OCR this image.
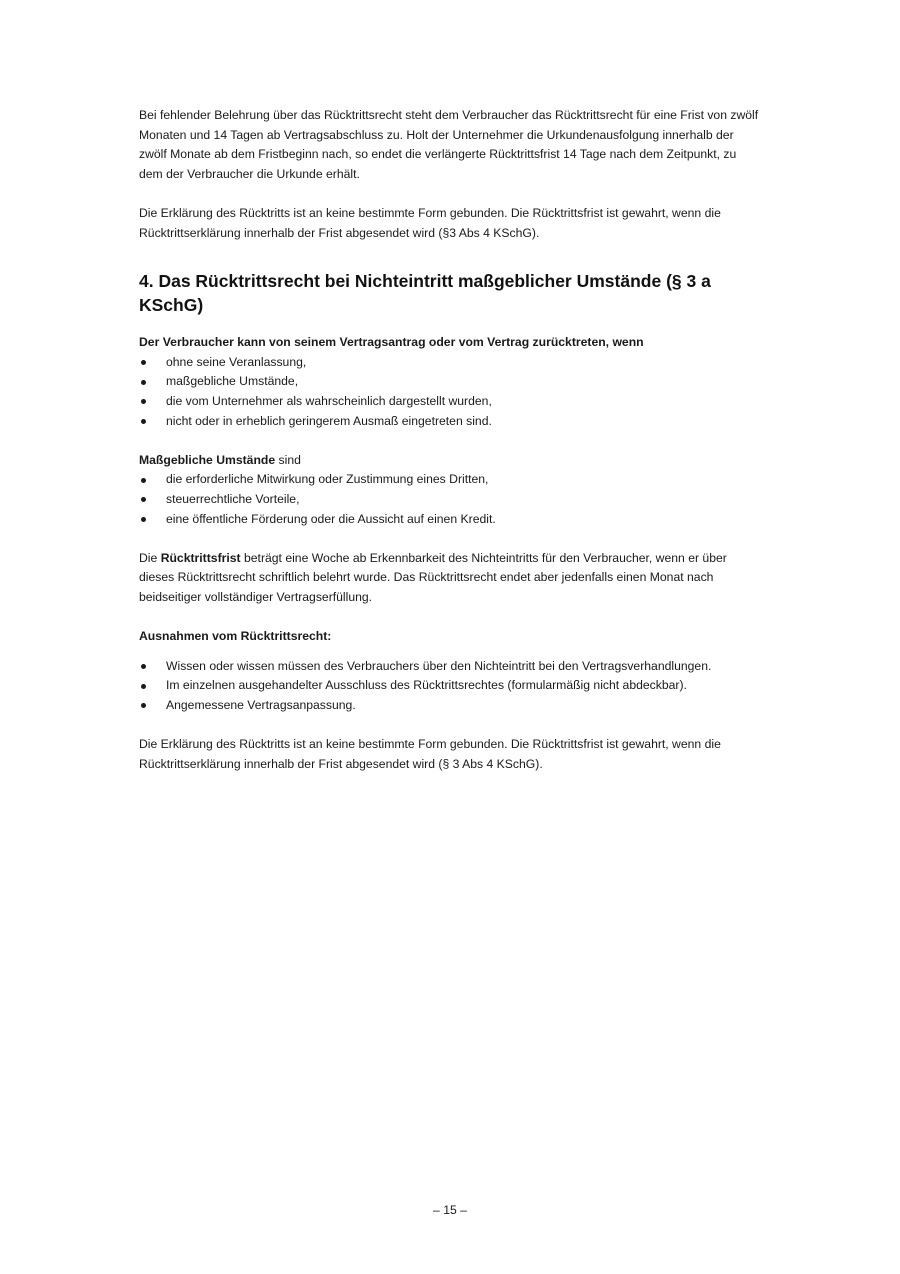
Bei fehlender Belehrung über das Rücktrittsrecht steht dem Verbraucher das Rücktrittsrecht für eine Frist von zwölf Monaten und 14 Tagen ab Vertragsabschluss zu. Holt der Unternehmer die Urkundenausfolgung innerhalb der zwölf Monate ab dem Fristbeginn nach, so endet die verlängerte Rücktrittsfrist 14 Tage nach dem Zeitpunkt, zu dem der Verbraucher die Urkunde erhält.

Die Erklärung des Rücktritts ist an keine bestimmte Form gebunden. Die Rücktrittsfrist ist gewahrt, wenn die Rücktrittserklärung innerhalb der Frist abgesendet wird (§3 Abs 4 KSchG).

4. Das Rücktrittsrecht bei Nichteintritt maßgeblicher Umstände (§ 3 a KSchG)

Der Verbraucher kann von seinem Vertragsantrag oder vom Vertrag zurücktreten, wenn

ohne seine Veranlassung,
maßgebliche Umstände,
die vom Unternehmer als wahrscheinlich dargestellt wurden,
nicht oder in erheblich geringerem Ausmaß eingetreten sind.

Maßgebliche Umstände sind

die erforderliche Mitwirkung oder Zustimmung eines Dritten,
steuerrechtliche Vorteile,
eine öffentliche Förderung oder die Aussicht auf einen Kredit.

Die Rücktrittsfrist beträgt eine Woche ab Erkennbarkeit des Nichteintritts für den Verbraucher, wenn er über dieses Rücktrittsrecht schriftlich belehrt wurde. Das Rücktrittsrecht endet aber jedenfalls einen Monat nach beidseitiger vollständiger Vertragserfüllung.

Ausnahmen vom Rücktrittsrecht:

Wissen oder wissen müssen des Verbrauchers über den Nichteintritt bei den Vertragsverhandlungen.
Im einzelnen ausgehandelter Ausschluss des Rücktrittsrechtes (formularmäßig nicht abdeckbar).
Angemessene Vertragsanpassung.

Die Erklärung des Rücktritts ist an keine bestimmte Form gebunden. Die Rücktrittsfrist ist gewahrt, wenn die Rücktrittserklärung innerhalb der Frist abgesendet wird (§ 3 Abs 4 KSchG).

– 15 –
